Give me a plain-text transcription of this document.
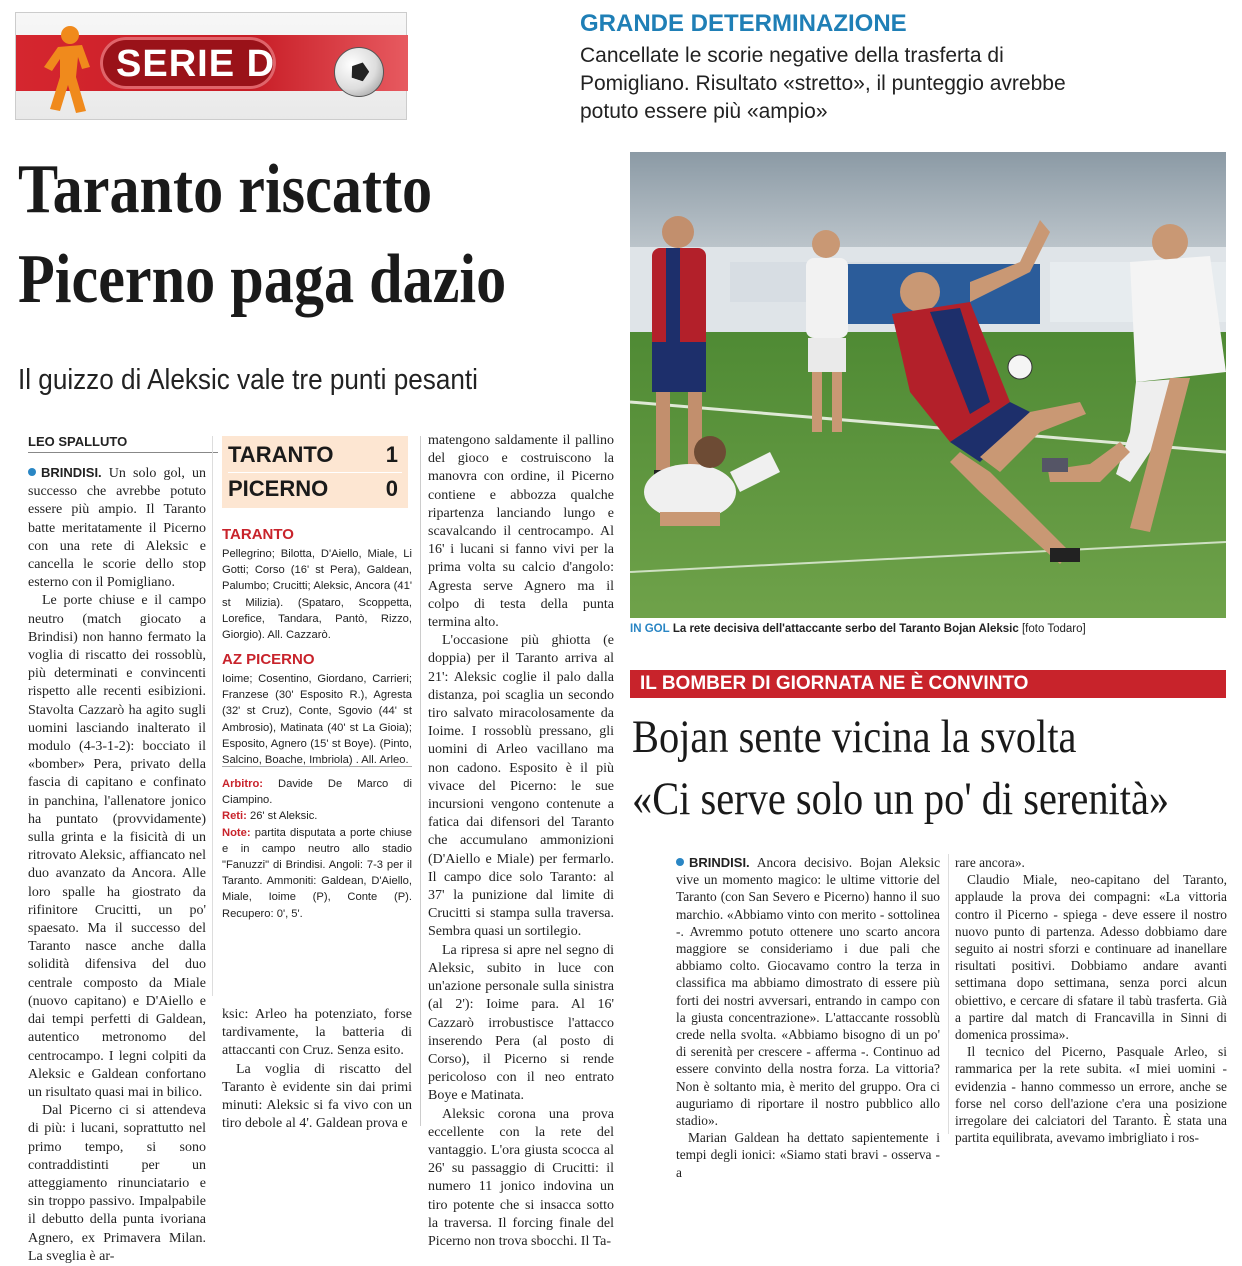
SERIE D
GRANDE DETERMINAZIONE
Cancellate le scorie negative della trasferta di Pomigliano. Risultato «stretto», il punteggio avrebbe potuto essere più «ampio»
Taranto riscatto
Picerno paga dazio
Il guizzo di Aleksic vale tre punti pesanti
LEO SPALLUTO

BRINDISI. Un solo gol, un successo che avrebbe potuto essere più ampio. Il Taranto batte meritatamente il Picerno con una rete di Aleksic e cancella le scorie dello stop esterno con il Pomigliano.

Le porte chiuse e il campo neutro (match giocato a Brindisi) non hanno fermato la voglia di riscatto dei rossoblù, più determinati e convincenti rispetto alle recenti esibizioni. Stavolta Cazzarò ha agito sugli uomini lasciando inalterato il modulo (4-3-1-2): bocciato il «bomber» Pera, privato della fascia di capitano e confinato in panchina, l'allenatore jonico ha puntato (provvidamente) sulla grinta e la fisicità di un ritrovato Aleksic, affiancato nel duo avanzato da Ancora. Alle loro spalle ha giostrato da rifinitore Crucitti, un po' spaesato. Ma il successo del Taranto nasce anche dalla solidità difensiva del duo centrale composto da Miale (nuovo capitano) e D'Aiello e dai tempi perfetti di Galdean, autentico metronomo del centrocampo. I legni colpiti da Aleksic e Galdean confortano un risultato quasi mai in bilico.

Dal Picerno ci si attendeva di più: i lucani, soprattutto nel primo tempo, si sono contraddistinti per un atteggiamento rinunciatario e sin troppo passivo. Impalpabile il debutto della punta ivoriana Agnero, ex Primavera Milan. La sveglia è ar-

TARANTO 1
PICERNO	0
TARANTO
Pellegrino; Bilotta, D'Aiello, Miale, Li Gotti; Corso (16' st Pera), Galdean, Palumbo; Crucitti; Aleksic, Ancora (41' st Milizia). (Spataro, Scoppetta, Lorefice, Tandara, Pantò, Rizzo, Giorgio). All. Cazzarò.
AZ PICERNO
Ioime; Cosentino, Giordano, Carrieri; Franzese (30' Esposito R.), Agresta (32' st Cruz), Conte, Sgovio (44' st Ambrosio), Matinata (40' st La Gioia); Esposito, Agnero (15' st Boye). (Pinto, Salcino, Boache, Imbriola) . All. Arleo.
Arbitro: Davide De Marco di Ciampino.
Reti: 26' st Aleksic.
Note: partita disputata a porte chiuse e in campo neutro allo stadio "Fanuzzi" di Brindisi. Angoli: 7-3 per il Taranto. Ammoniti: Galdean, D'Aiello, Miale, Ioime (P), Conte (P). Recupero: 0', 5'.

ksic: Arleo ha potenziato, forse tardivamente, la batteria di attaccanti con Cruz. Senza esito.

La voglia di riscatto del Taranto è evidente sin dai primi minuti: Aleksic si fa vivo con un tiro debole al 4'. Galdean prova e

matengono saldamente il pallino del gioco e costruiscono la manovra con ordine, il Picerno contiene e abbozza qualche ripartenza lanciando lungo e scavalcando il centrocampo. Al 16' i lucani si fanno vivi per la prima volta su calcio d'angolo: Agresta serve Agnero ma il colpo di testa della punta termina alto.

L'occasione più ghiotta (e doppia) per il Taranto arriva al 21': Aleksic coglie il palo dalla distanza, poi scaglia un secondo tiro salvato miracolosamente da Ioime. I rossoblù pressano, gli uomini di Arleo vacillano ma non cadono. Esposito è il più vivace del Picerno: le sue incursioni vengono contenute a fatica dai difensori del Taranto che accumulano ammonizioni (D'Aiello e Miale) per fermarlo. Il campo dice solo Taranto: al 37' la punizione dal limite di Crucitti si stampa sulla traversa. Sembra quasi un sortilegio.

La ripresa si apre nel segno di Aleksic, subito in luce con un'azione personale sulla sinistra (al 2'): Ioime para. Al 16' Cazzarò irrobustisce l'attacco inserendo Pera (al posto di Corso), il Picerno si rende pericoloso con il neo entrato Boye e Matinata.

Aleksic corona una prova eccellente con la rete del vantaggio. L'ora giusta scocca al 26' su passaggio di Crucitti: il numero 11 jonico indovina un tiro potente che si insacca sotto la traversa. Il forcing finale del Picerno non trova sbocchi. Il Ta-

IN GOL La rete decisiva dell'attaccante serbo del Taranto Bojan Aleksic [foto Todaro]
IL BOMBER DI GIORNATA NE È CONVINTO
Bojan sente vicina la svolta
«Ci serve solo un po' di serenità»

BRINDISI. Ancora decisivo. Bojan Aleksic vive un momento magico: le ultime vittorie del Taranto (con San Severo e Picerno) hanno il suo marchio. «Abbiamo vinto con merito - sottolinea -. Avremmo potuto ottenere uno scarto ancora maggiore se consideriamo i due pali che abbiamo colto. Giocavamo contro la terza in classifica ma abbiamo dimostrato di essere più forti dei nostri avversari, entrando in campo con la giusta concentrazione». L'attaccante rossoblù crede nella svolta. «Abbiamo bisogno di un po' di serenità per crescere - afferma -. Continuo ad essere convinto della nostra forza. La vittoria? Non è soltanto mia, è merito del gruppo. Ora ci auguriamo di riportare il nostro pubblico allo stadio».

Marian Galdean ha dettato sapientemente i tempi degli ionici: «Siamo stati bravi - osserva - a

rare ancora».

Claudio Miale, neo-capitano del Taranto, applaude la prova dei compagni: «La vittoria contro il Picerno - spiega - deve essere il nostro nuovo punto di partenza. Adesso dobbiamo dare seguito ai nostri sforzi e continuare ad inanellare risultati positivi. Dobbiamo andare avanti settimana dopo settimana, senza porci alcun obiettivo, e cercare di sfatare il tabù trasferta. Già a partire dal match di Francavilla in Sinni di domenica prossima».

Il tecnico del Picerno, Pasquale Arleo, si rammarica per la rete subita. «I miei uomini - evidenzia - hanno commesso un errore, anche se forse nel corso dell'azione c'era una posizione irregolare dei calciatori del Taranto. È stata una partita equilibrata, avevamo imbrigliato i ros-
